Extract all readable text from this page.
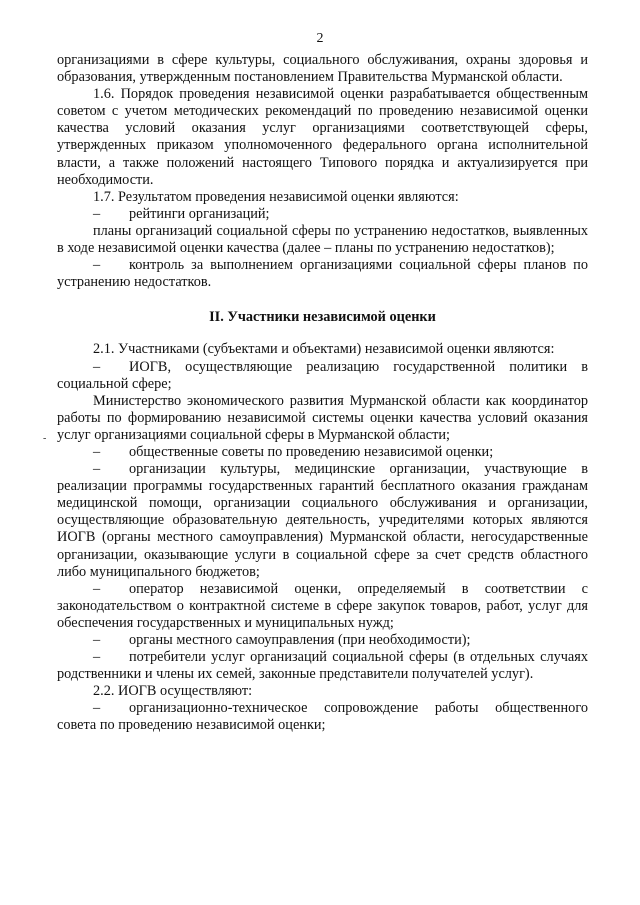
2
-

организациями в сфере культуры, социального обслуживания, охраны здоровья и образования, утвержденным постановлением Правительства Мурманской области.

1.6. Порядок проведения независимой оценки разрабатывается общественным советом с учетом методических рекомендаций по проведению независимой оценки качества условий оказания услуг организациями соответствующей сферы, утвержденных приказом уполномоченного федерального органа исполнительной власти, а также положений настоящего Типового порядка и актуализируется при необходимости.

1.7. Результатом проведения независимой оценки являются:

– рейтинги организаций;

планы организаций социальной сферы по устранению недостатков, выявленных в ходе независимой оценки качества (далее – планы по устранению недостатков);

– контроль за выполнением организациями социальной сферы планов по устранению недостатков.

II. Участники независимой оценки

2.1. Участниками (субъектами и объектами) независимой оценки являются:

– ИОГВ, осуществляющие реализацию государственной политики в социальной сфере;

Министерство экономического развития Мурманской области как координатор работы по формированию независимой системы оценки качества условий оказания услуг организациями социальной сферы в Мурманской области;

– общественные советы по проведению независимой оценки;

– организации культуры, медицинские организации, участвующие в реализации программы государственных гарантий бесплатного оказания гражданам медицинской помощи, организации социального обслуживания и организации, осуществляющие образовательную деятельность, учредителями которых являются ИОГВ (органы местного самоуправления) Мурманской области, негосударственные организации, оказывающие услуги в социальной сфере за счет средств областного либо муниципального бюджетов;

– оператор независимой оценки, определяемый в соответствии с законодательством о контрактной системе в сфере закупок товаров, работ, услуг для обеспечения государственных и муниципальных нужд;

– органы местного самоуправления (при необходимости);

– потребители услуг организаций социальной сферы (в отдельных случаях родственники и члены их семей, законные представители получателей услуг).

2.2. ИОГВ осуществляют:

– организационно-техническое сопровождение работы общественного совета по проведению независимой оценки;
